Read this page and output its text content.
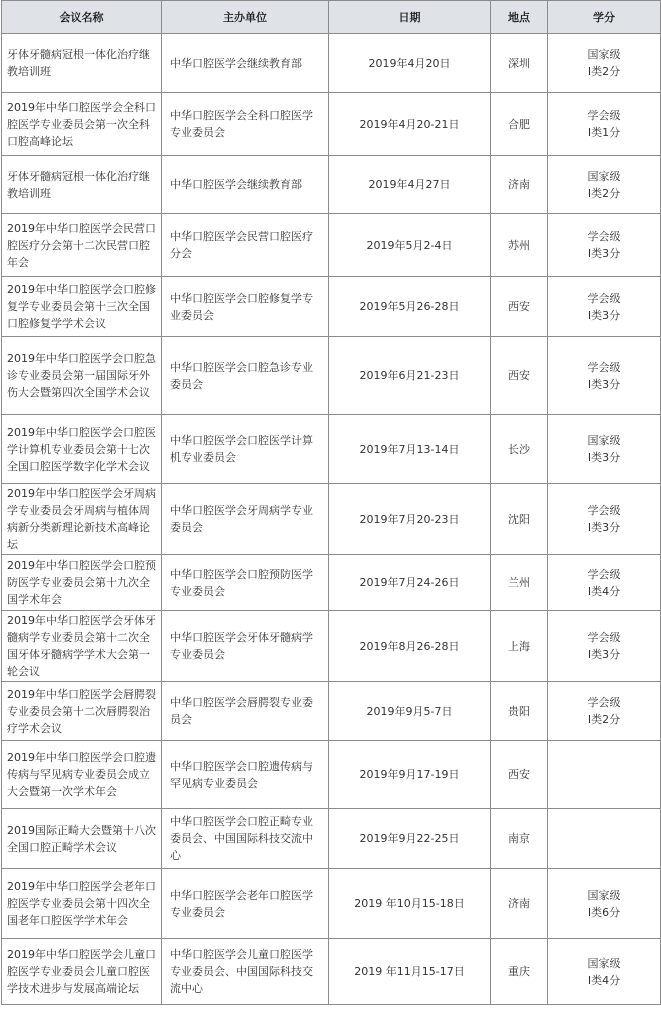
会议名称	主办单位	日期	地点	学分
牙体牙髓病冠根一体化治疗继教培训班	中华口腔医学会继续教育部	2019年4月20日	深圳	国家级
I类2分
2019年中华口腔医学会全科口腔医学专业委员会第一次全科口腔高峰论坛	中华口腔医学会全科口腔医学专业委员会	2019年4月20-21日	合肥	学会级
I类1分
牙体牙髓病冠根一体化治疗继教培训班	中华口腔医学会继续教育部	2019年4月27日	济南	国家级
I类2分
2019年中华口腔医学会民营口腔医疗分会第十二次民营口腔年会	中华口腔医学会民营口腔医疗分会	2019年5月2-4日	苏州	学会级
I类3分
2019年中华口腔医学会口腔修复学专业委员会第十三次全国口腔修复学学术会议	中华口腔医学会口腔修复学专业委员会	2019年5月26-28日	西安	学会级
I类3分
2019年中华口腔医学会口腔急诊专业委员会第一届国际牙外伤大会暨第四次全国学术会议	中华口腔医学会口腔急诊专业委员会	2019年6月21-23日	西安	学会级
I类3分
2019年中华口腔医学会口腔医学计算机专业委员会第十七次全国口腔医学数字化学术会议	中华口腔医学会口腔医学计算机专业委员会	2019年7月13-14日	长沙	国家级
I类3分
2019年中华口腔医学会牙周病学专业委员会牙周病与植体周病新分类新理论新技术高峰论坛	中华口腔医学会牙周病学专业委员会	2019年7月20-23日	沈阳	学会级
I类3分
2019年中华口腔医学会口腔预防医学专业委员会第十九次全国学术年会	中华口腔医学会口腔预防医学专业委员会	2019年7月24-26日	兰州	学会级
I类4分
2019年中华口腔医学会牙体牙髓病学专业委员会第十二次全国牙体牙髓病学学术大会第一轮会议	中华口腔医学会牙体牙髓病学专业委员会	2019年8月26-28日	上海	学会级
I类3分
2019年中华口腔医学会唇腭裂专业委员会第十二次唇腭裂治疗学术会议	中华口腔医学会唇腭裂专业委员会	2019年9月5-7日	贵阳	学会级
I类2分
2019年中华口腔医学会口腔遗传病与罕见病专业委员会成立大会暨第一次学术年会	中华口腔医学会口腔遗传病与罕见病专业委员会	2019年9月17-19日	西安	
2019国际正畸大会暨第十八次全国口腔正畸学术会议	中华口腔医学会口腔正畸专业委员会、中国国际科技交流中心	2019年9月22-25日	南京	
2019年中华口腔医学会老年口腔医学专业委员会第十四次全国老年口腔医学学术年会	中华口腔医学会老年口腔医学专业委员会	2019 年10月15-18日	济南	国家级
I类6分
2019年中华口腔医学会儿童口腔医学专业委员会儿童口腔医学技术进步与发展高端论坛	中华口腔医学会儿童口腔医学专业委员会、中国国际科技交流中心	2019 年11月15-17日	重庆	国家级
I类4分
